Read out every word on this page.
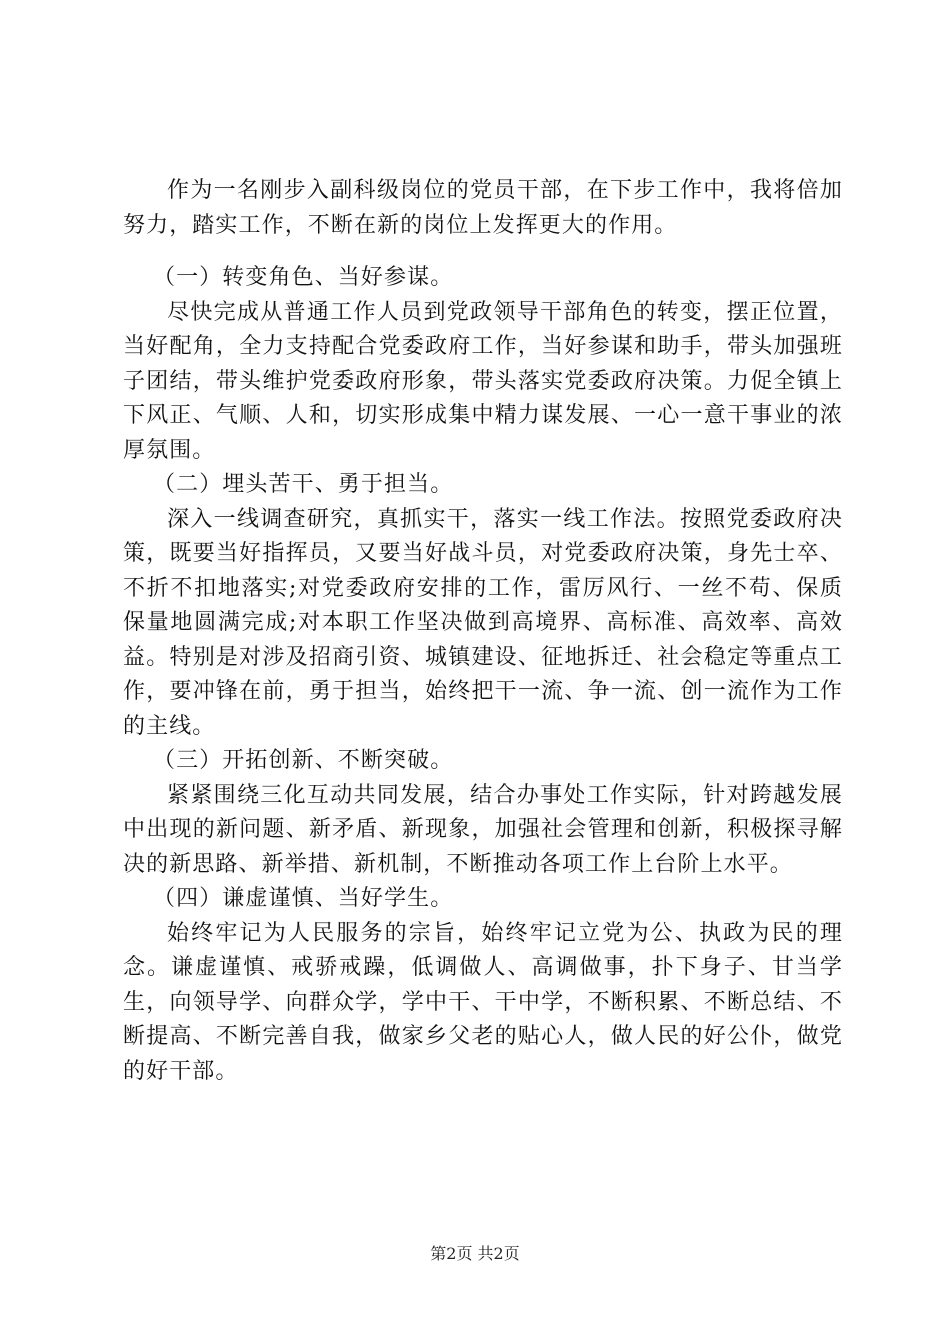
作为一名刚步入副科级岗位的党员干部，在下步工作中，我将倍加努力，踏实工作，不断在新的岗位上发挥更大的作用。

（一）转变角色、当好参谋。

尽快完成从普通工作人员到党政领导干部角色的转变，摆正位置，当好配角，全力支持配合党委政府工作，当好参谋和助手，带头加强班子团结，带头维护党委政府形象，带头落实党委政府决策。力促全镇上下风正、气顺、人和，切实形成集中精力谋发展、一心一意干事业的浓厚氛围。

（二）埋头苦干、勇于担当。

深入一线调查研究，真抓实干，落实一线工作法。按照党委政府决策，既要当好指挥员，又要当好战斗员，对党委政府决策，身先士卒、不折不扣地落实;对党委政府安排的工作，雷厉风行、一丝不苟、保质保量地圆满完成;对本职工作坚决做到高境界、高标准、高效率、高效益。特别是对涉及招商引资、城镇建设、征地拆迁、社会稳定等重点工作，要冲锋在前，勇于担当，始终把干一流、争一流、创一流作为工作的主线。

（三）开拓创新、不断突破。

紧紧围绕三化互动共同发展，结合办事处工作实际，针对跨越发展中出现的新问题、新矛盾、新现象，加强社会管理和创新，积极探寻解决的新思路、新举措、新机制，不断推动各项工作上台阶上水平。

（四）谦虚谨慎、当好学生。

始终牢记为人民服务的宗旨，始终牢记立党为公、执政为民的理念。谦虚谨慎、戒骄戒躁，低调做人、高调做事，扑下身子、甘当学生，向领导学、向群众学，学中干、干中学，不断积累、不断总结、不断提高、不断完善自我，做家乡父老的贴心人，做人民的好公仆，做党的好干部。

第2页 共2页
